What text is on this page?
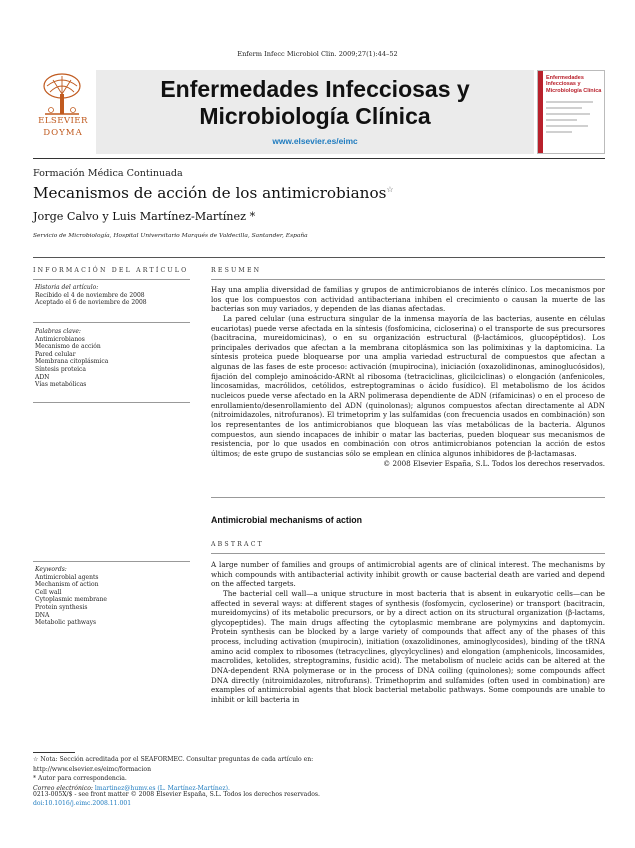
Enferm Infecc Microbiol Clin. 2009;27(1):44–52
ELSEVIER
DOYMA
Enfermedades Infecciosas y
Microbiología Clínica
www.elsevier.es/eimc
Enfermedades Infecciosas y Microbiología Clínica
Formación Médica Continuada
Mecanismos de acción de los antimicrobianos☆
Jorge Calvo y Luis Martínez-Martínez *
Servicio de Microbiología, Hospital Universitario Marqués de Valdecilla, Santander, España
INFORMACIÓN DEL ARTÍCULO
Historia del artículo:
Recibido el 4 de noviembre de 2008
Aceptado el 6 de noviembre de 2008
Palabras clave:
Antimicrobianos
Mecanismo de acción
Pared celular
Membrana citoplásmica
Síntesis proteica
ADN
Vías metabólicas
Keywords:
Antimicrobial agents
Mechanism of action
Cell wall
Cytoplasmic membrane
Protein synthesis
DNA
Metabolic pathways
RESUMEN
Hay una amplia diversidad de familias y grupos de antimicrobianos de interés clínico. Los mecanismos por los que los compuestos con actividad antibacteriana inhiben el crecimiento o causan la muerte de las bacterias son muy variados, y dependen de las dianas afectadas.
La pared celular (una estructura singular de la inmensa mayoría de las bacterias, ausente en células eucariotas) puede verse afectada en la síntesis (fosfomicina, cicloserina) o el transporte de sus precursores (bacitracina, mureidomicinas), o en su organización estructural (β-lactámicos, glucopéptidos). Los principales derivados que afectan a la membrana citoplásmica son las polimixinas y la daptomicina. La síntesis proteica puede bloquearse por una amplia variedad estructural de compuestos que afectan a algunas de las fases de este proceso: activación (mupirocina), iniciación (oxazolidinonas, aminoglucósidos), fijación del complejo aminoácido-ARNt al ribosoma (tetraciclinas, glicilciclinas) o elongación (anfenicoles, lincosamidas, macrólidos, cetólidos, estreptograminas o ácido fusídico). El metabolismo de los ácidos nucleicos puede verse afectado en la ARN polimerasa dependiente de ADN (rifamicinas) o en el proceso de enrollamiento/desenrollamiento del ADN (quinolonas); algunos compuestos afectan directamente al ADN (nitroimidazoles, nitrofuranos). El trimetoprim y las sulfamidas (con frecuencia usados en combinación) son los representantes de los antimicrobianos que bloquean las vías metabólicas de la bacteria. Algunos compuestos, aun siendo incapaces de inhibir o matar las bacterias, pueden bloquear sus mecanismos de resistencia, por lo que usados en combinación con otros antimicrobianos potencian la acción de estos últimos; de este grupo de sustancias sólo se emplean en clínica algunos inhibidores de β-lactamasas.
© 2008 Elsevier España, S.L. Todos los derechos reservados.
Antimicrobial mechanisms of action
ABSTRACT
A large number of families and groups of antimicrobial agents are of clinical interest. The mechanisms by which compounds with antibacterial activity inhibit growth or cause bacterial death are varied and depend on the affected targets.
The bacterial cell wall—a unique structure in most bacteria that is absent in eukaryotic cells—can be affected in several ways: at different stages of synthesis (fosfomycin, cycloserine) or transport (bacitracin, mureidomycins) of its metabolic precursors, or by a direct action on its structural organization (β-lactams, glycopeptides). The main drugs affecting the cytoplasmic membrane are polymyxins and daptomycin. Protein synthesis can be blocked by a large variety of compounds that affect any of the phases of this process, including activation (mupirocin), initiation (oxazolidinones, aminoglycosides), binding of the tRNA amino acid complex to ribosomes (tetracyclines, glycylcyclines) and elongation (amphenicols, lincosamides, macrolides, ketolides, streptogramins, fusidic acid). The metabolism of nucleic acids can be altered at the DNA-dependent RNA polymerase or in the process of DNA coiling (quinolones); some compounds affect DNA directly (nitroimidazoles, nitrofurans). Trimethoprim and sulfamides (often used in combination) are examples of antimicrobial agents that block bacterial metabolic pathways. Some compounds are unable to inhibit or kill bacteria in
☆ Nota: Sección acreditada por el SEAFORMEC. Consultar preguntas de cada artículo en: http://www.elsevier.es/eimc/formacion
* Autor para correspondencia.
Correo electrónico: lmartinez@humv.es (L. Martínez-Martínez).
0213-005X/$ - see front matter © 2008 Elsevier España, S.L. Todos los derechos reservados.
doi:10.1016/j.eimc.2008.11.001
